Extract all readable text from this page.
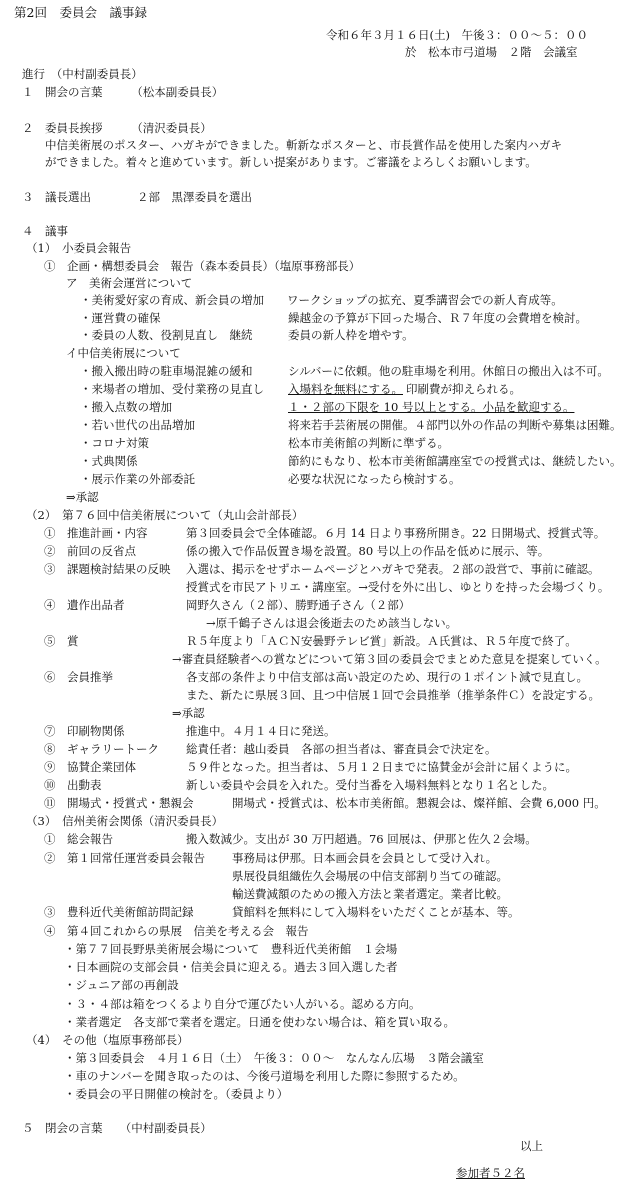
第2回　委員会　議事録
令和６年３月１６日(土)　午後３：００～５：００
於　松本市弓道場　２階　会議室
進行　（中村副委員長）
１　開会の言葉　　　（松本副委員長）
２　委員長挨拶　　　（清沢委員長）
中信美術展のポスター、ハガキができました。斬新なポスターと、市長賞作品を使用した案内ハガキ
ができました。着々と進めています。新しい提案があります。ご審議をよろしくお願いします。
３　議長選出　　　　２部　黒澤委員を選出
４　議事
（1）　小委員会報告
①　企画・構想委員会　報告（森本委員長）（塩原事務部長）
ア　美術会運営について
・美術愛好家の育成、新会員の増加　　ワークショップの拡充、夏季講習会での新人育成等。
・運営費の確保	繰越金の予算が下回った場合、Ｒ７年度の会費増を検討。
・委員の人数、役割見直し　継続	委員の新人枠を増やす。
イ中信美術展について
・搬入搬出時の駐車場混雑の緩和	シルバーに依頼。他の駐車場を利用。休館日の搬出入は不可。
・来場者の増加、受付業務の見直し 入場料を無料にする。 印刷費が抑えられる。
・搬入点数の増加	１・２部の下限を 10 号以上とする。小品を歓迎する。
・若い世代の出品増加	将来若手芸術展の開催。４部門以外の作品の判断や募集は困難。
・コロナ対策	松本市美術館の判断に準ずる。
・式典関係	節約にもなり、松本市美術館講座室での授賞式は、継続したい。
・展示作業の外部委託	必要な状況になったら検討する。
⇒承認
（2）　第７６回中信美術展について（丸山会計部長）
①　推進計画・内容	第３回委員会で全体確認。６月 14 日より事務所開き。22 日開場式、授賞式等。
②　前回の反省点	係の搬入で作品仮置き場を設置。80 号以上の作品を低めに展示、等。
③　課題検討結果の反映 入選は、掲示をせずホームページとハガキで発表。２部の設営で、事前に確認。
授賞式を市民アトリエ・講座室。→受付を外に出し、ゆとりを持った会場づくり。
④　遺作出品者	岡野久さん（２部）、勝野通子さん（２部）
→原千鶴子さんは退会後逝去のため該当しない。
⑤　賞	Ｒ５年度より「ＡＣＮ安曇野テレビ賞」新設。Ａ氏賞は、Ｒ５年度で終了。
→審査員経験者への賞などについて第３回の委員会でまとめた意見を提案していく。
⑥　会員推挙	各支部の条件より中信支部は高い設定のため、現行の１ポイント減で見直し。
また、新たに県展３回、且つ中信展１回で会員推挙（推挙条件Ｃ）を設定する。
⇒承認
⑦　印刷物関係	推進中。４月１４日に発送。
⑧　ギャラリートーク 総責任者：越山委員　各部の担当者は、審査員会で決定を。
⑨　協賛企業団体	５９件となった。担当者は、５月１２日までに協賛金が会計に届くように。
⑩　出動表	新しい委員や会員を入れた。受付当番を入場料無料となり１名とした。
⑪　開場式・授賞式・懇親会	開場式・授賞式は、松本市美術館。懇親会は、燦祥館、会費 6,000 円。
（3）　信州美術会関係（清沢委員長）
①　総会報告	搬入数減少。支出が 30 万円超過。76 回展は、伊那と佐久２会場。
②　第１回常任運営委員会報告 事務局は伊那。日本画会員を会員として受け入れ。
県展役員組織佐久会場展の中信支部割り当ての確認。
輸送費減額のための搬入方法と業者選定。業者比較。
③　豊科近代美術館訪問記録	貸館料を無料にして入場料をいただくことが基本、等。
④　第４回これからの県展　信美を考える会　報告
・第７７回長野県美術展会場について　豊科近代美術館　１会場
・日本画院の支部会員・信美会員に迎える。過去３回入選した者
・ジュニア部の再創設
・３・４部は箱をつくるより自分で運びたい人がいる。認める方向。
・業者選定　各支部で業者を選定。日通を使わない場合は、箱を買い取る。
（4）　その他（塩原事務部長）
・第３回委員会　４月１６日（土）　午後３：００～　なんなん広場　３階会議室
・車のナンバーを聞き取ったのは、今後弓道場を利用した際に参照するため。
・委員会の平日開催の検討を。（委員より）
５　閉会の言葉　　（中村副委員長）
以上
参加者５２名
